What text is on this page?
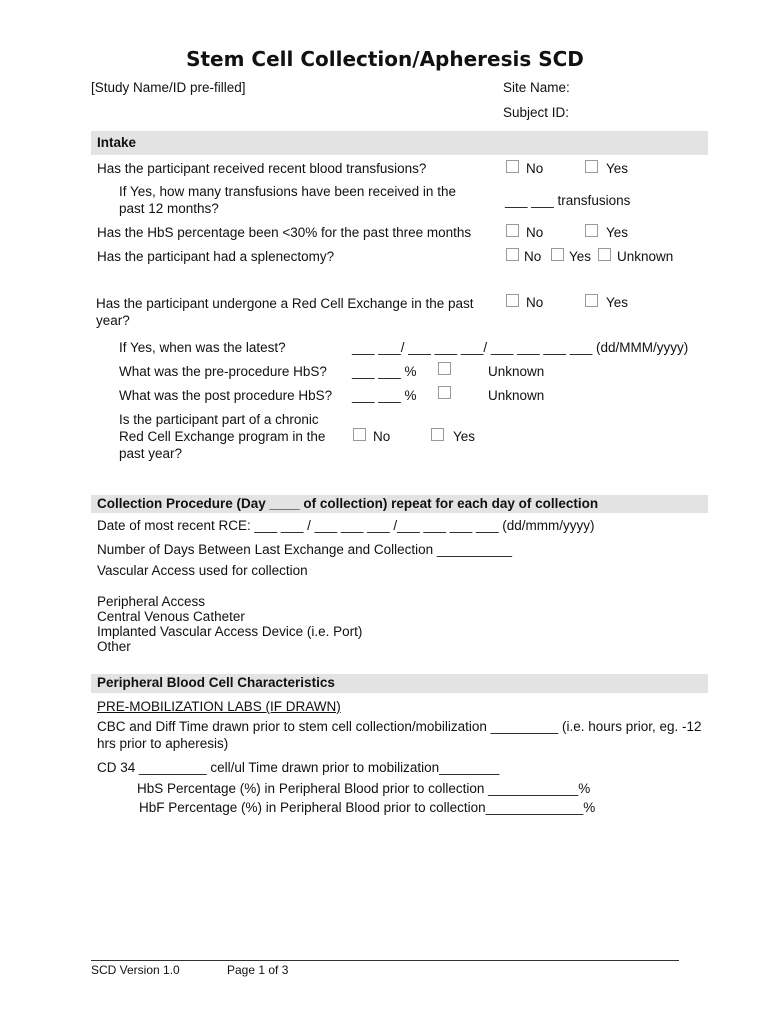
Stem Cell Collection/Apheresis SCD
[Study Name/ID pre-filled]	Site Name:
Subject ID:
Intake
Has the participant received recent blood transfusions?	No	Yes
If Yes, how many transfusions have been received in the past 12 months?
___ ___ transfusions
Has the HbS percentage been <30% for the past three months	No	Yes
Has the participant had a splenectomy?	No Yes Unknown
Has the participant undergone a Red Cell Exchange in the past year?
No	Yes
If Yes, when was the latest?	___ ___/ ___ ___ ___/ ___ ___ ___ ___ (dd/MMM/yyyy)
What was the pre-procedure HbS? ___ ___ %	Unknown
What was the post procedure HbS? ___ ___ %	Unknown
Is the participant part of a chronic Red Cell Exchange program in the past year?
No	Yes
Collection Procedure (Day ____ of collection) repeat for each day of collection
Date of most recent RCE: ___ ___ / ___ ___ ___ /___ ___ ___ ___ (dd/mmm/yyyy)
Number of Days Between Last Exchange and Collection __________
Vascular Access used for collection
Peripheral Access
Central Venous Catheter
Implanted Vascular Access Device (i.e. Port)
Other
Peripheral Blood Cell Characteristics
PRE-MOBILIZATION LABS (IF DRAWN)
CBC and Diff Time drawn prior to stem cell collection/mobilization _________ (i.e. hours prior, eg. -12 hrs prior to apheresis)
CD 34 _________ cell/ul Time drawn prior to mobilization________
HbS Percentage (%) in Peripheral Blood prior to collection ____________%
HbF Percentage (%) in Peripheral Blood prior to collection_____________%
SCD Version 1.0	Page 1 of 3
